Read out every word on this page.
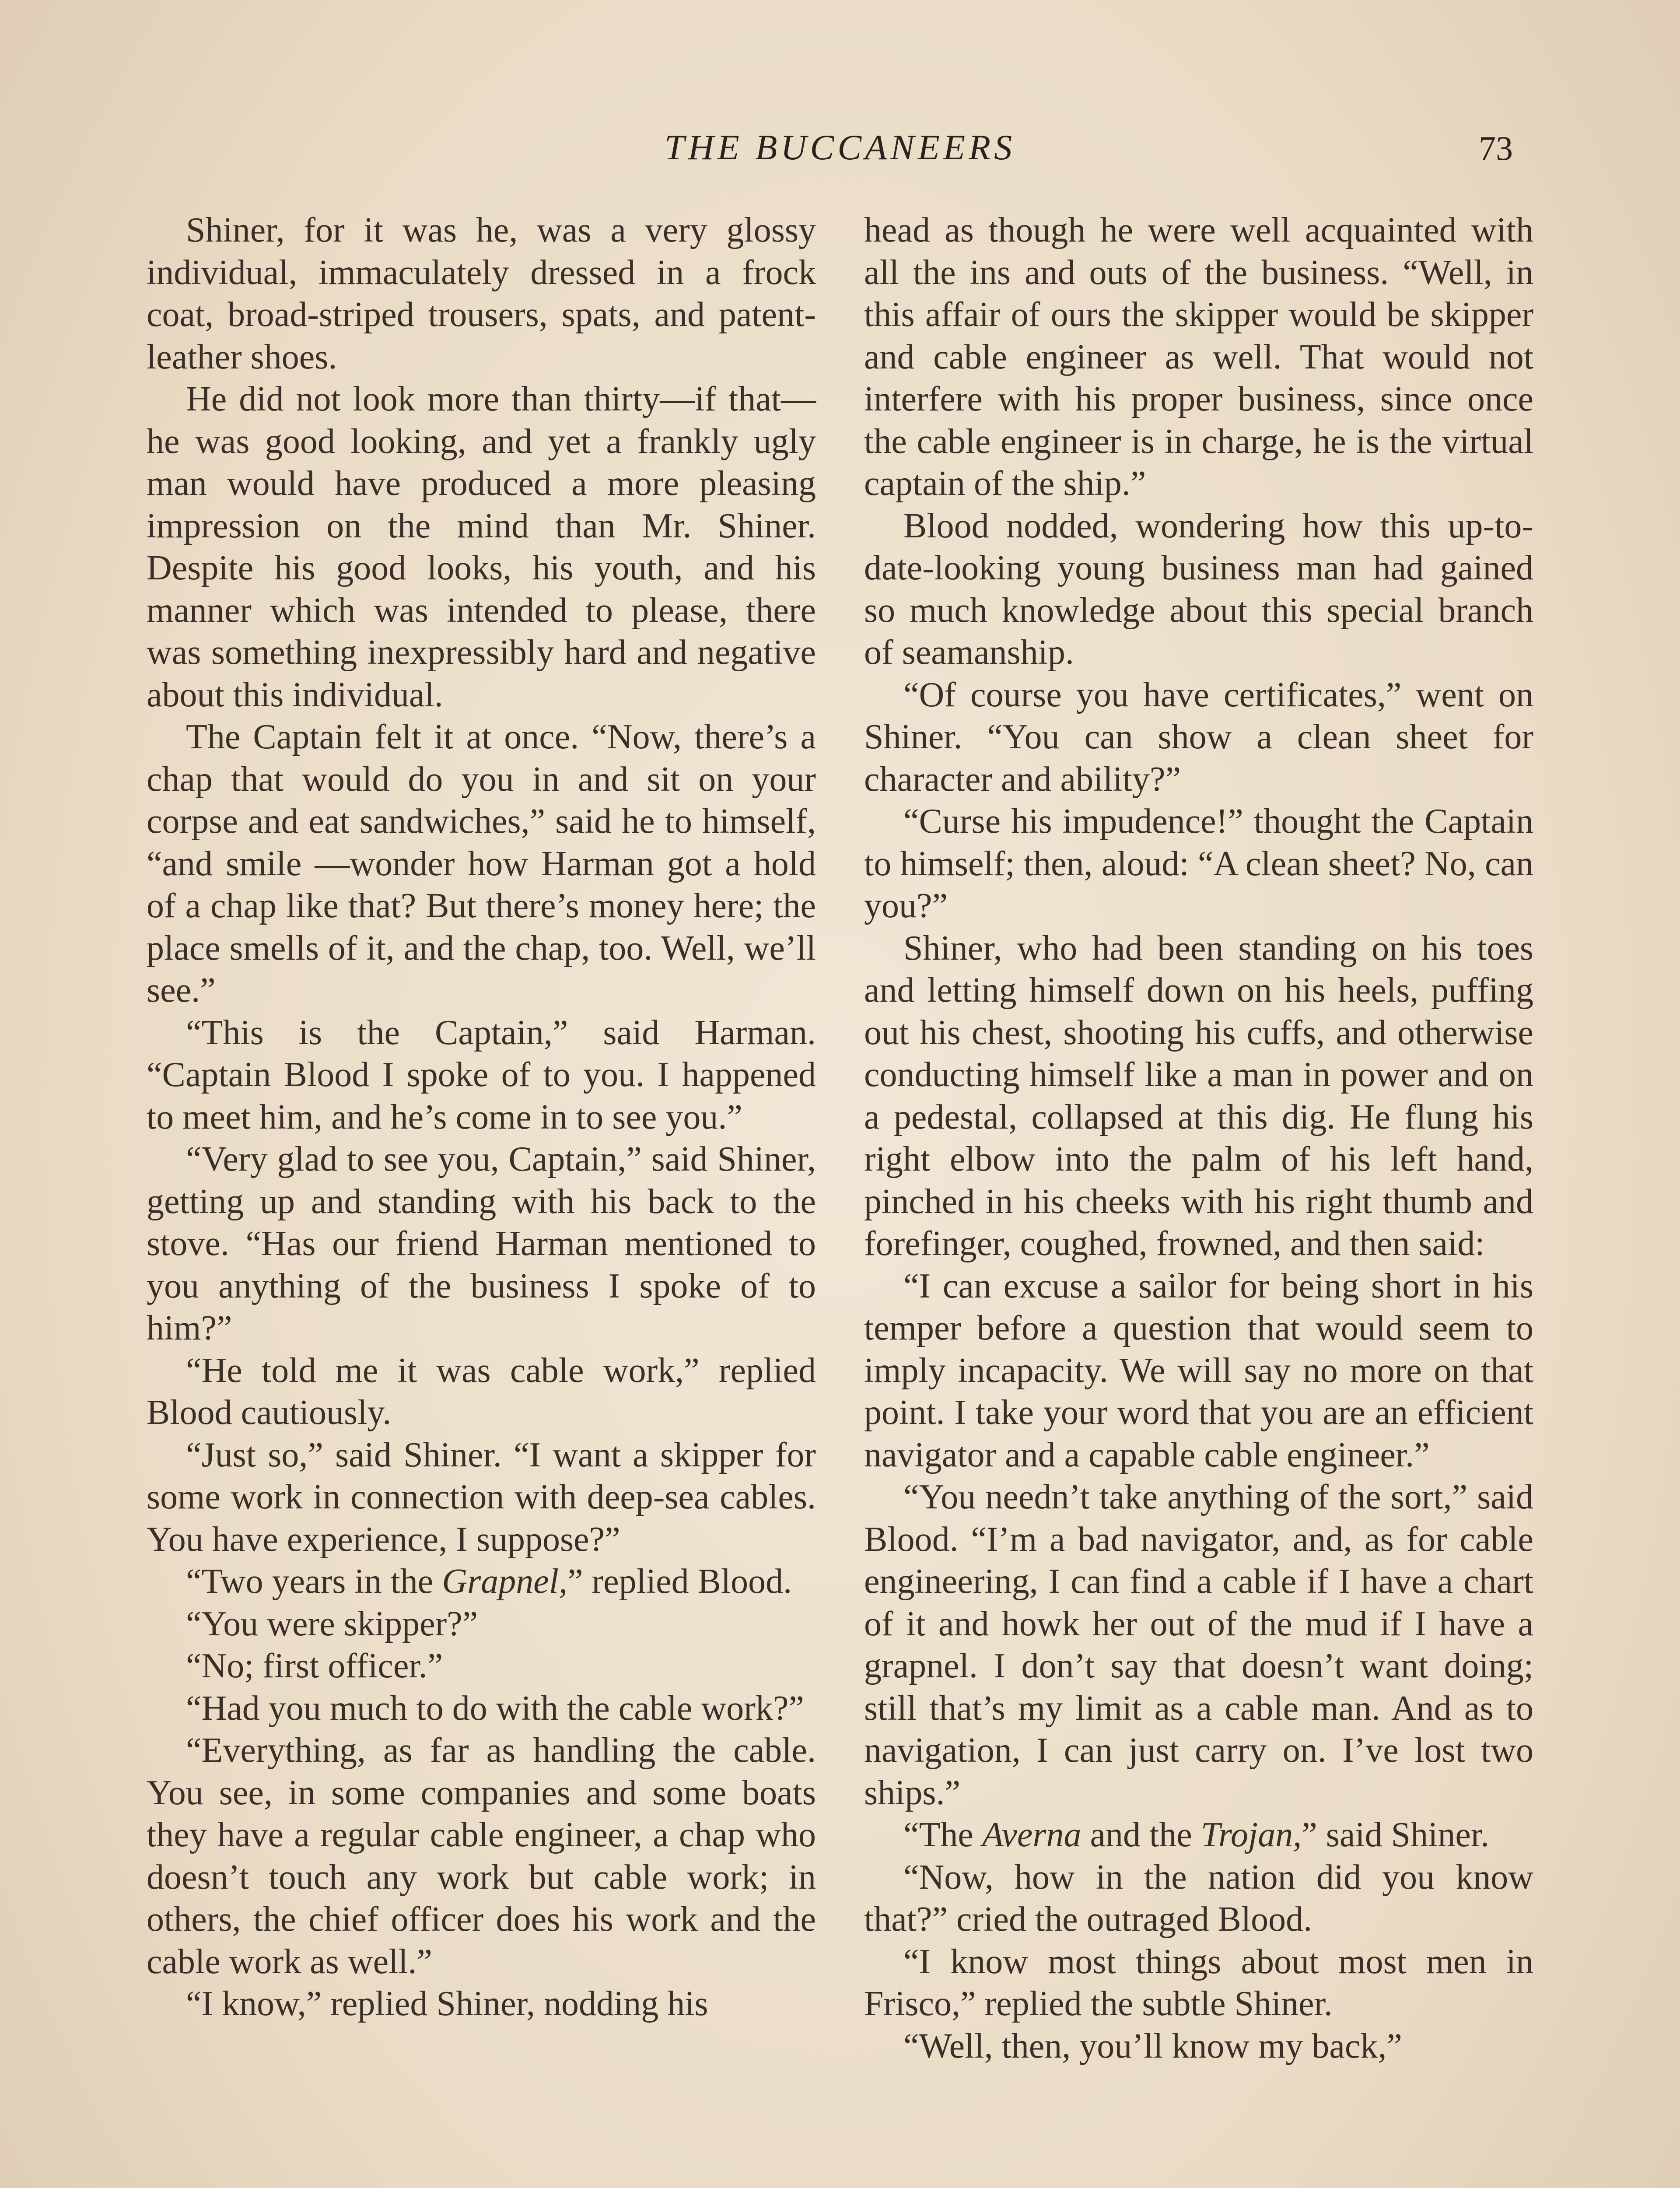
THE BUCCANEERS	73

Shiner, for it was he, was a very glossy individual, immaculately dressed in a frock coat, broad-striped trousers, spats, and patent-leather shoes.

He did not look more than thirty—if that—he was good looking, and yet a frankly ugly man would have produced a more pleasing impression on the mind than Mr. Shiner. Despite his good looks, his youth, and his manner which was intended to please, there was something inexpressibly hard and negative about this individual.

The Captain felt it at once. “Now, there’s a chap that would do you in and sit on your corpse and eat sandwiches,” said he to himself, “and smile —wonder how Harman got a hold of a chap like that? But there’s money here; the place smells of it, and the chap, too. Well, we’ll see.”

“This is the Captain,” said Harman. “Captain Blood I spoke of to you. I happened to meet him, and he’s come in to see you.”

“Very glad to see you, Captain,” said Shiner, getting up and standing with his back to the stove. “Has our friend Harman mentioned to you anything of the business I spoke of to him?”

“He told me it was cable work,” replied Blood cautiously.

“Just so,” said Shiner. “I want a skipper for some work in connection with deep-sea cables. You have experience, I suppose?”

“Two years in the Grapnel,” replied Blood.

“You were skipper?”

“No; first officer.”

“Had you much to do with the cable work?”

“Everything, as far as handling the cable. You see, in some companies and some boats they have a regular cable engineer, a chap who doesn’t touch any work but cable work; in others, the chief officer does his work and the cable work as well.”

“I know,” replied Shiner, nodding his

head as though he were well acquainted with all the ins and outs of the business. “Well, in this affair of ours the skipper would be skipper and cable engineer as well. That would not interfere with his proper business, since once the cable engineer is in charge, he is the virtual captain of the ship.”

Blood nodded, wondering how this up-to-date-looking young business man had gained so much knowledge about this special branch of seamanship.

“Of course you have certificates,” went on Shiner. “You can show a clean sheet for character and ability?”

“Curse his impudence!” thought the Captain to himself; then, aloud: “A clean sheet? No, can you?”

Shiner, who had been standing on his toes and letting himself down on his heels, puffing out his chest, shooting his cuffs, and otherwise conducting himself like a man in power and on a pedestal, collapsed at this dig. He flung his right elbow into the palm of his left hand, pinched in his cheeks with his right thumb and forefinger, coughed, frowned, and then said:

“I can excuse a sailor for being short in his temper before a question that would seem to imply incapacity. We will say no more on that point. I take your word that you are an efficient navigator and a capable cable engineer.”

“You needn’t take anything of the sort,” said Blood. “I’m a bad navigator, and, as for cable engineering, I can find a cable if I have a chart of it and howk her out of the mud if I have a grapnel. I don’t say that doesn’t want doing; still that’s my limit as a cable man. And as to navigation, I can just carry on. I’ve lost two ships.”

“The Averna and the Trojan,” said Shiner.

“Now, how in the nation did you know that?” cried the outraged Blood.

“I know most things about most men in Frisco,” replied the subtle Shiner.

“Well, then, you’ll know my back,”
